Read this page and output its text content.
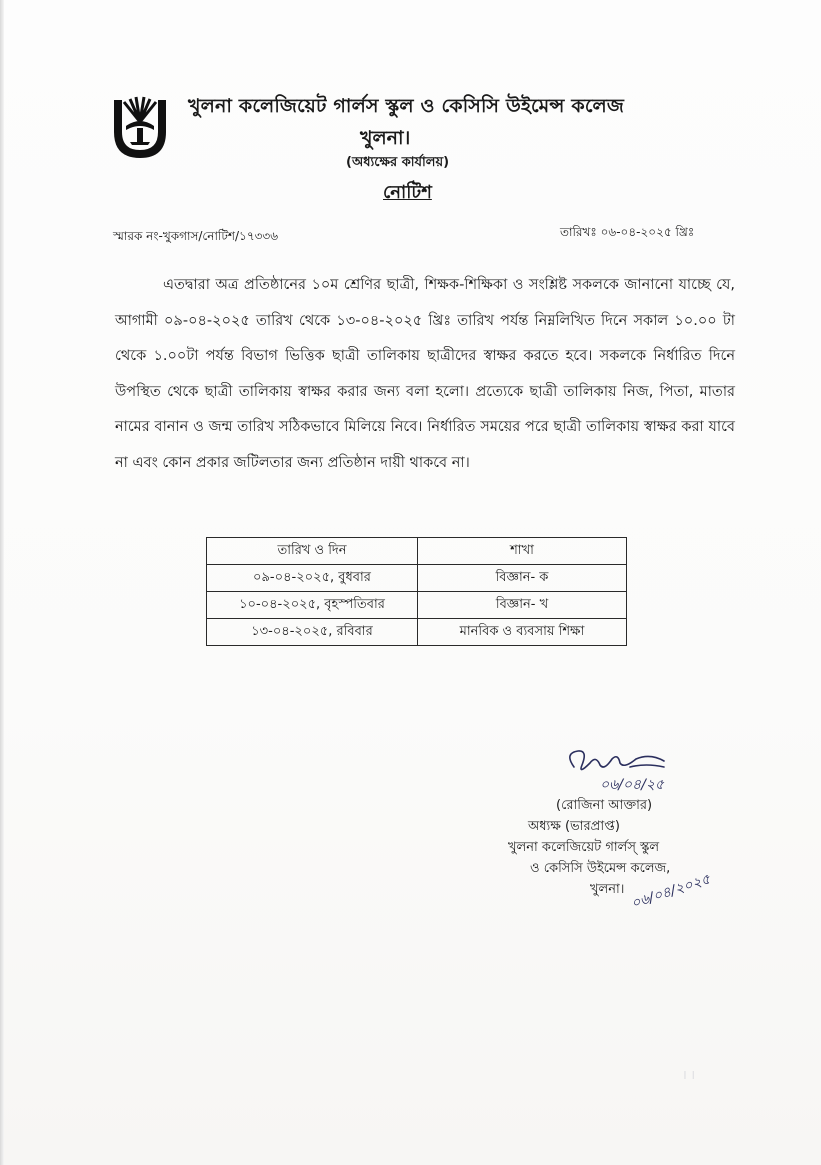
খুলনা কলেজিয়েট গার্লস স্কুল ও কেসিসি উইমেন্স কলেজ
খুলনা।
(অধ্যক্ষের কার্যালয়)
নোটিশ
স্মারক নং-খুকগাস/নোটিশ/১৭৩৩৬	তারিখঃ ০৬-০৪-২০২৫ খ্রিঃ
এতদ্বারা অত্র প্রতিষ্ঠানের ১০ম শ্রেণির ছাত্রী, শিক্ষক-শিক্ষিকা ও সংশ্লিষ্ট সকলকে জানানো যাচ্ছে যে, আগামী ০৯-০৪-২০২৫ তারিখ থেকে ১৩-০৪-২০২৫ খ্রিঃ তারিখ পর্যন্ত নিম্নলিখিত দিনে সকাল ১০.০০ টা থেকে ১.০০টা পর্যন্ত বিভাগ ভিত্তিক ছাত্রী তালিকায় ছাত্রীদের স্বাক্ষর করতে হবে। সকলকে নির্ধারিত দিনে উপস্থিত থেকে ছাত্রী তালিকায় স্বাক্ষর করার জন্য বলা হলো। প্রত্যেকে ছাত্রী তালিকায় নিজ, পিতা, মাতার নামের বানান ও জন্ম তারিখ সঠিকভাবে মিলিয়ে নিবে। নির্ধারিত সময়ের পরে ছাত্রী তালিকায় স্বাক্ষর করা যাবে না এবং কোন প্রকার জটিলতার জন্য প্রতিষ্ঠান দায়ী থাকবে না।
তারিখ ও দিন	শাখা
০৯-০৪-২০২৫, বুধবার	বিজ্ঞান- ক
১০-০৪-২০২৫, বৃহস্পতিবার	বিজ্ঞান- খ
১৩-০৪-২০২৫, রবিবার	মানবিক ও ব্যবসায় শিক্ষা
০৬/০৪/২৫
(রোজিনা আক্তার)
অধ্যক্ষ (ভারপ্রাপ্ত)
খুলনা কলেজিয়েট গার্লস্ স্কুল
ও কেসিসি উইমেন্স কলেজ,
খুলনা। ০৬/০৪/২০২৫
ı ı
